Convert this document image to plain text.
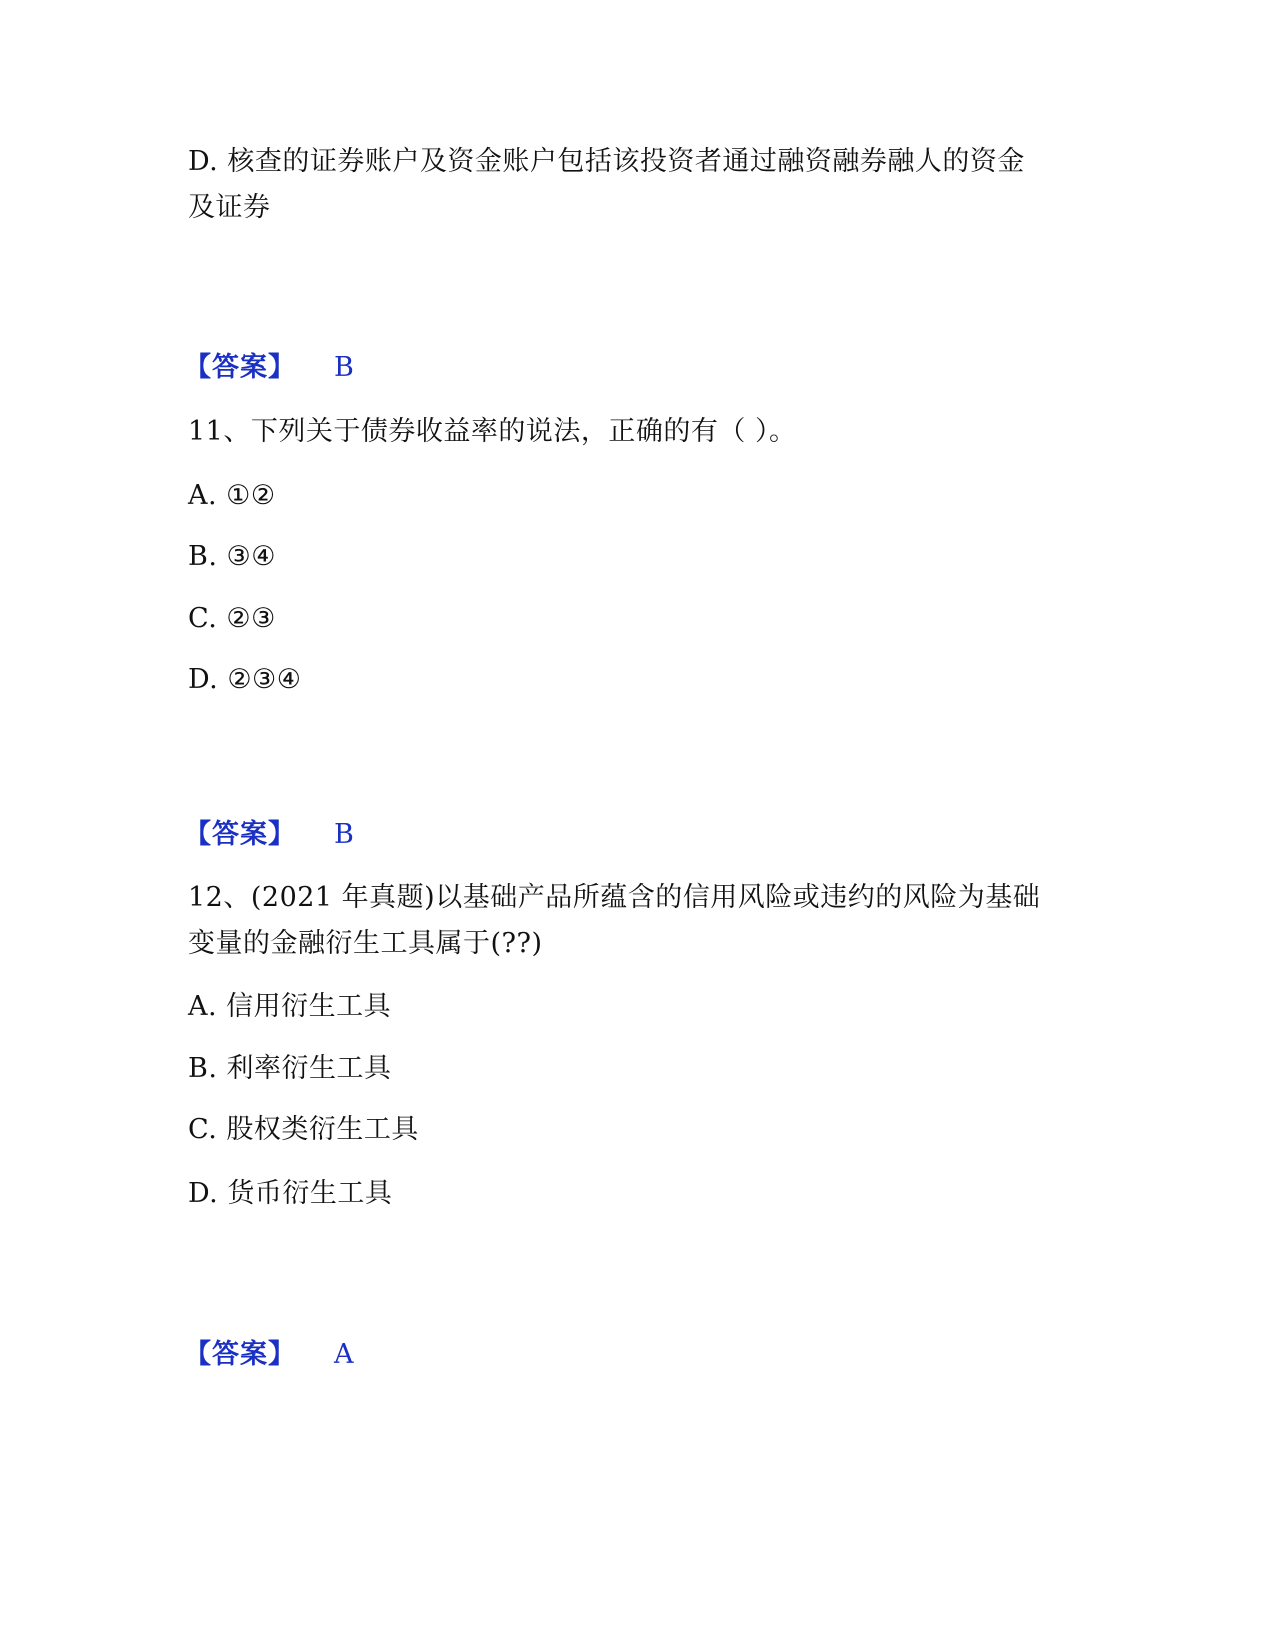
D. 核查的证券账户及资金账户包括该投资者通过融资融券融人的资金
及证券
【答案】 B
11、下列关于债券收益率的说法，正确的有（ ）。
A. ①②
B. ③④
C. ②③
D. ②③④
【答案】 B
12、(2021 年真题)以基础产品所蕴含的信用风险或违约的风险为基础
变量的金融衍生工具属于(??)
A. 信用衍生工具
B. 利率衍生工具
C. 股权类衍生工具
D. 货币衍生工具
【答案】 A
